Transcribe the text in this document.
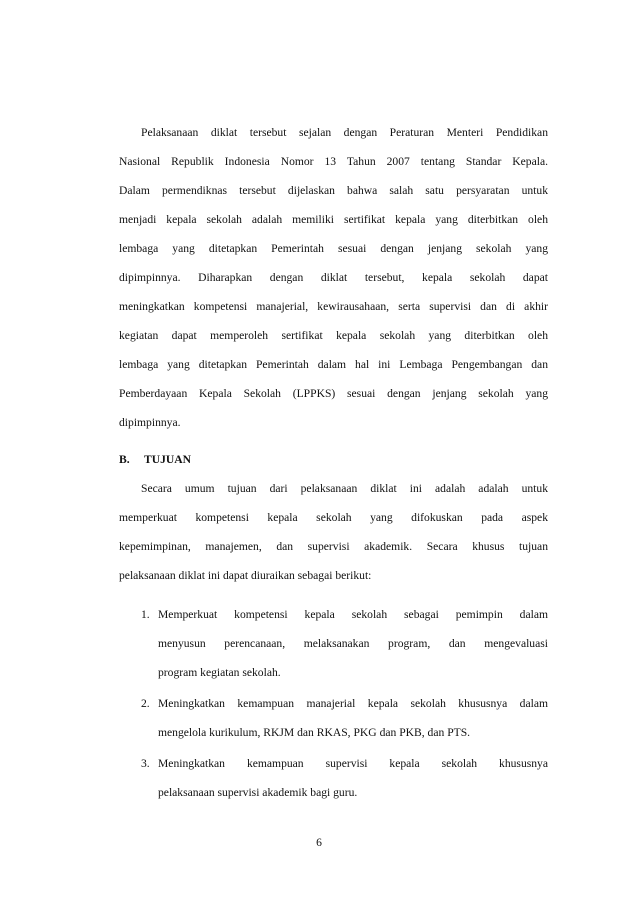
Pelaksanaan diklat tersebut sejalan dengan Peraturan Menteri Pendidikan
Nasional Republik Indonesia Nomor 13 Tahun 2007 tentang Standar Kepala.
Dalam permendiknas tersebut dijelaskan bahwa salah satu persyaratan untuk
menjadi kepala sekolah adalah memiliki sertifikat kepala yang diterbitkan oleh
lembaga yang ditetapkan Pemerintah sesuai dengan jenjang sekolah yang
dipimpinnya. Diharapkan dengan diklat tersebut, kepala sekolah dapat
meningkatkan kompetensi manajerial, kewirausahaan, serta supervisi dan di akhir
kegiatan dapat memperoleh sertifikat kepala sekolah yang diterbitkan oleh
lembaga yang ditetapkan Pemerintah dalam hal ini Lembaga Pengembangan dan
Pemberdayaan Kepala Sekolah (LPPKS) sesuai dengan jenjang sekolah yang
dipimpinnya.
B. TUJUAN
Secara umum tujuan dari pelaksanaan diklat ini adalah adalah untuk
memperkuat kompetensi kepala sekolah yang difokuskan pada aspek
kepemimpinan, manajemen, dan supervisi akademik. Secara khusus tujuan
pelaksanaan diklat ini dapat diuraikan sebagai berikut:
1. Memperkuat kompetensi kepala sekolah sebagai pemimpin dalam
menyusun perencanaan, melaksanakan program, dan mengevaluasi
program kegiatan sekolah.
2. Meningkatkan kemampuan manajerial kepala sekolah khususnya dalam
mengelola kurikulum, RKJM dan RKAS, PKG dan PKB, dan PTS.
3. Meningkatkan kemampuan supervisi kepala sekolah khususnya
pelaksanaan supervisi akademik bagi guru.
6
